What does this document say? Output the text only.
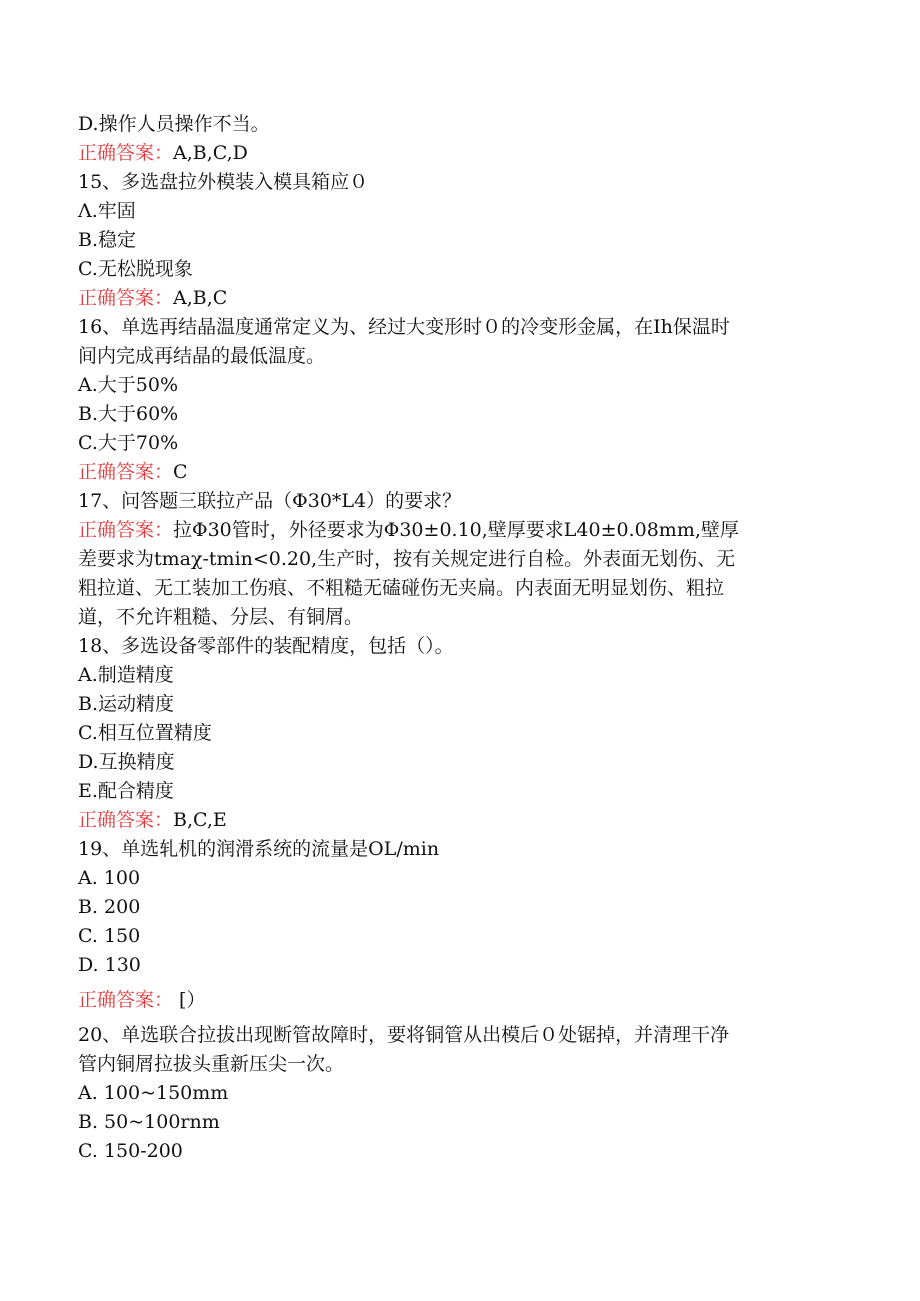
D.操作人员操作不当。
正确答案：A,B,C,D
15、多选盘拉外模装入模具箱应０
Λ.牢固
B.稳定
C.无松脱现象
正确答案：A,B,C
16、单选再结晶温度通常定义为、经过大变形时０的冷变形金属，在Ih保温时
间内完成再结晶的最低温度。
A.大于50%
B.大于60%
C.大于70%
正确答案：C
17、问答题三联拉产品（Φ30*L4）的要求？
正确答案：拉Φ30管时，外径要求为Φ30±0.10,壁厚要求L40±0.08mm,壁厚
差要求为tmaχ-tmin<0.20,生产时，按有关规定进行自检。外表面无划伤、无
粗拉道、无工装加工伤痕、不粗糙无磕碰伤无夹扁。内表面无明显划伤、粗拉
道，不允许粗糙、分层、有铜屑。
18、多选设备零部件的装配精度，包括（）。
A.制造精度
B.运动精度
C.相互位置精度
D.互换精度
E.配合精度
正确答案：B,C,E
19、单选轧机的润滑系统的流量是OL/min
A. 100
B. 200
C. 150
D. 130
正确答案： [）
20、单选联合拉拔出现断管故障时，要将铜管从出模后０处锯掉，并清理干净
管内铜屑拉拔头重新压尖一次。
A. 100~150mm
B. 50~100rnm
C. 150-200
